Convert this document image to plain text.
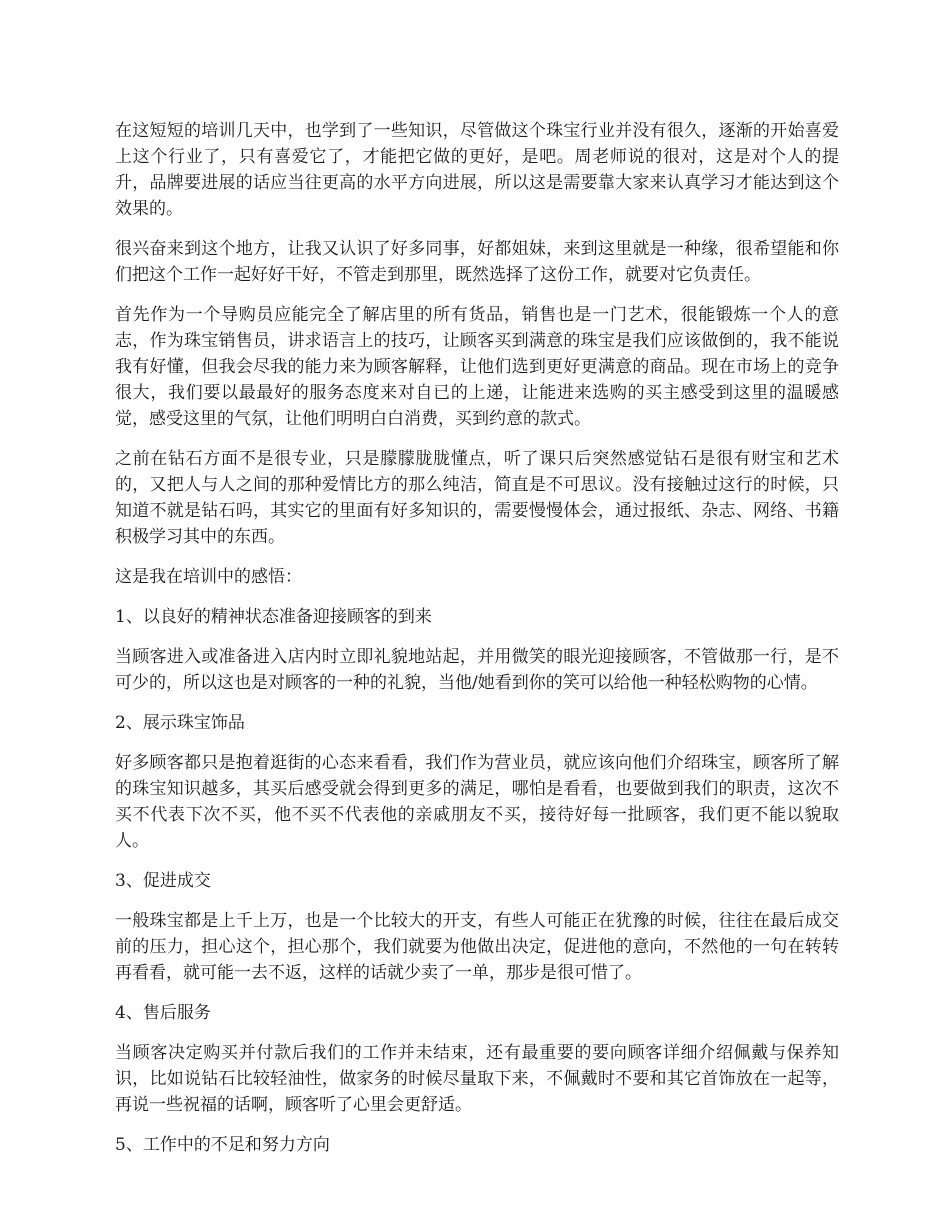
在这短短的培训几天中，也学到了一些知识，尽管做这个珠宝行业并没有很久，逐渐的开始喜爱上这个行业了，只有喜爱它了，才能把它做的更好，是吧。周老师说的很对，这是对个人的提升，品牌要进展的话应当往更高的水平方向进展，所以这是需要靠大家来认真学习才能达到这个效果的。

很兴奋来到这个地方，让我又认识了好多同事，好都姐妹，来到这里就是一种缘，很希望能和你们把这个工作一起好好干好，不管走到那里，既然选择了这份工作，就要对它负责任。

首先作为一个导购员应能完全了解店里的所有货品，销售也是一门艺术，很能锻炼一个人的意志，作为珠宝销售员，讲求语言上的技巧，让顾客买到满意的珠宝是我们应该做倒的，我不能说我有好懂，但我会尽我的能力来为顾客解释，让他们选到更好更满意的商品。现在市场上的竞争很大，我们要以最最好的服务态度来对自已的上递，让能进来选购的买主感受到这里的温暖感觉，感受这里的气氛，让他们明明白白消费，买到约意的款式。

之前在钻石方面不是很专业，只是朦朦胧胧懂点，听了课只后突然感觉钻石是很有财宝和艺术的，又把人与人之间的那种爱情比方的那么纯洁，简直是不可思议。没有接触过这行的时候，只知道不就是钻石吗，其实它的里面有好多知识的，需要慢慢体会，通过报纸、杂志、网络、书籍积极学习其中的东西。

这是我在培训中的感悟：

1、以良好的精神状态准备迎接顾客的到来

当顾客进入或准备进入店内时立即礼貌地站起，并用微笑的眼光迎接顾客，不管做那一行，是不可少的，所以这也是对顾客的一种的礼貌，当他/她看到你的笑可以给他一种轻松购物的心情。

2、展示珠宝饰品

好多顾客都只是抱着逛街的心态来看看，我们作为营业员，就应该向他们介绍珠宝，顾客所了解的珠宝知识越多，其买后感受就会得到更多的满足，哪怕是看看，也要做到我们的职责，这次不买不代表下次不买，他不买不代表他的亲戚朋友不买，接待好每一批顾客，我们更不能以貌取人。

3、促进成交

一般珠宝都是上千上万，也是一个比较大的开支，有些人可能正在犹豫的时候，往往在最后成交前的压力，担心这个，担心那个，我们就要为他做出决定，促进他的意向，不然他的一句在转转再看看，就可能一去不返，这样的话就少卖了一单，那步是很可惜了。

4、售后服务

当顾客决定购买并付款后我们的工作并未结束，还有最重要的要向顾客详细介绍佩戴与保养知识，比如说钻石比较轻油性，做家务的时候尽量取下来，不佩戴时不要和其它首饰放在一起等，再说一些祝福的话啊，顾客听了心里会更舒适。

5、工作中的不足和努力方向
